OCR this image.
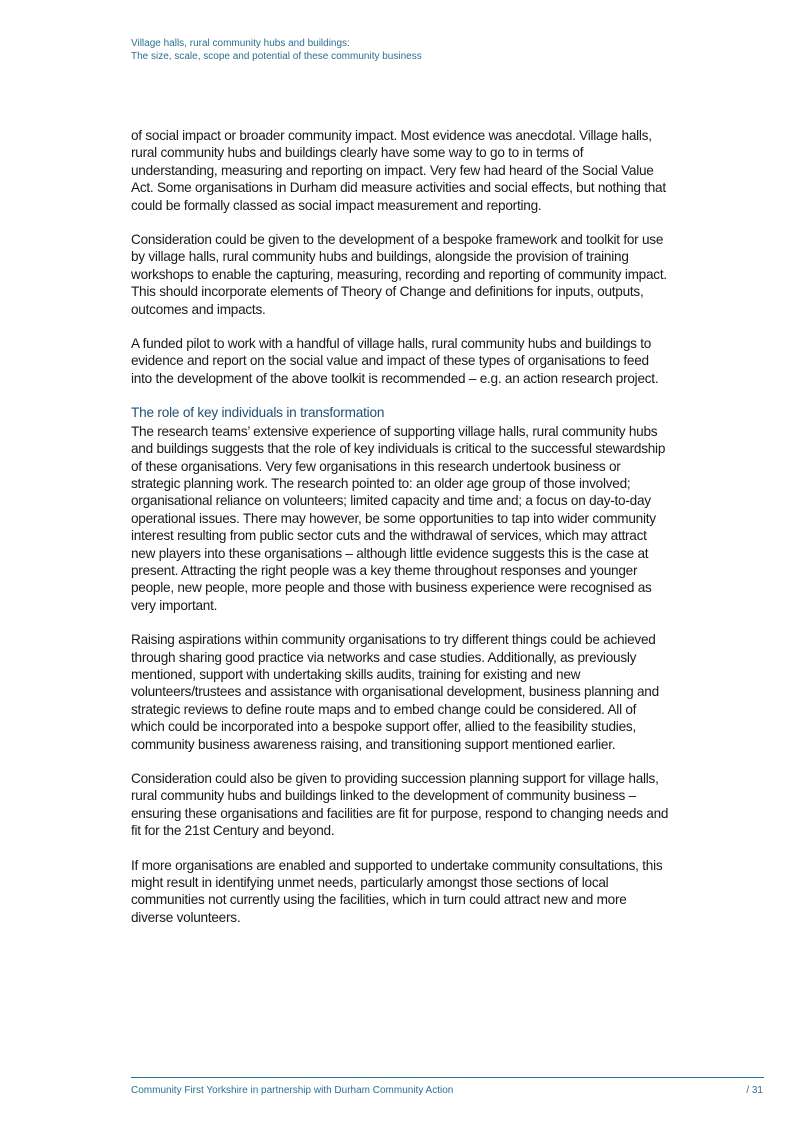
Village halls, rural community hubs and buildings:
The size, scale, scope and potential of these community business

of social impact or broader community impact. Most evidence was anecdotal. Village halls, rural community hubs and buildings clearly have some way to go to in terms of understanding, measuring and reporting on impact. Very few had heard of the Social Value Act. Some organisations in Durham did measure activities and social effects, but nothing that could be formally classed as social impact measurement and reporting.

Consideration could be given to the development of a bespoke framework and toolkit for use by village halls, rural community hubs and buildings, alongside the provision of training workshops to enable the capturing, measuring, recording and reporting of community impact. This should incorporate elements of Theory of Change and definitions for inputs, outputs, outcomes and impacts.

A funded pilot to work with a handful of village halls, rural community hubs and buildings to evidence and report on the social value and impact of these types of organisations to feed into the development of the above toolkit is recommended – e.g. an action research project.

The role of key individuals in transformation

The research teams’ extensive experience of supporting village halls, rural community hubs and buildings suggests that the role of key individuals is critical to the successful stewardship of these organisations. Very few organisations in this research undertook business or strategic planning work. The research pointed to: an older age group of those involved; organisational reliance on volunteers; limited capacity and time and; a focus on day-to-day operational issues. There may however, be some opportunities to tap into wider community interest resulting from public sector cuts and the withdrawal of services, which may attract new players into these organisations – although little evidence suggests this is the case at present. Attracting the right people was a key theme throughout responses and younger people, new people, more people and those with business experience were recognised as very important.

Raising aspirations within community organisations to try different things could be achieved through sharing good practice via networks and case studies. Additionally, as previously mentioned, support with undertaking skills audits, training for existing and new volunteers/trustees and assistance with organisational development, business planning and strategic reviews to define route maps and to embed change could be considered. All of which could be incorporated into a bespoke support offer, allied to the feasibility studies, community business awareness raising, and transitioning support mentioned earlier.

Consideration could also be given to providing succession planning support for village halls, rural community hubs and buildings linked to the development of community business – ensuring these organisations and facilities are fit for purpose, respond to changing needs and fit for the 21st Century and beyond.

If more organisations are enabled and supported to undertake community consultations, this might result in identifying unmet needs, particularly amongst those sections of local communities not currently using the facilities, which in turn could attract new and more diverse volunteers.

Community First Yorkshire in partnership with Durham Community Action	/ 31
